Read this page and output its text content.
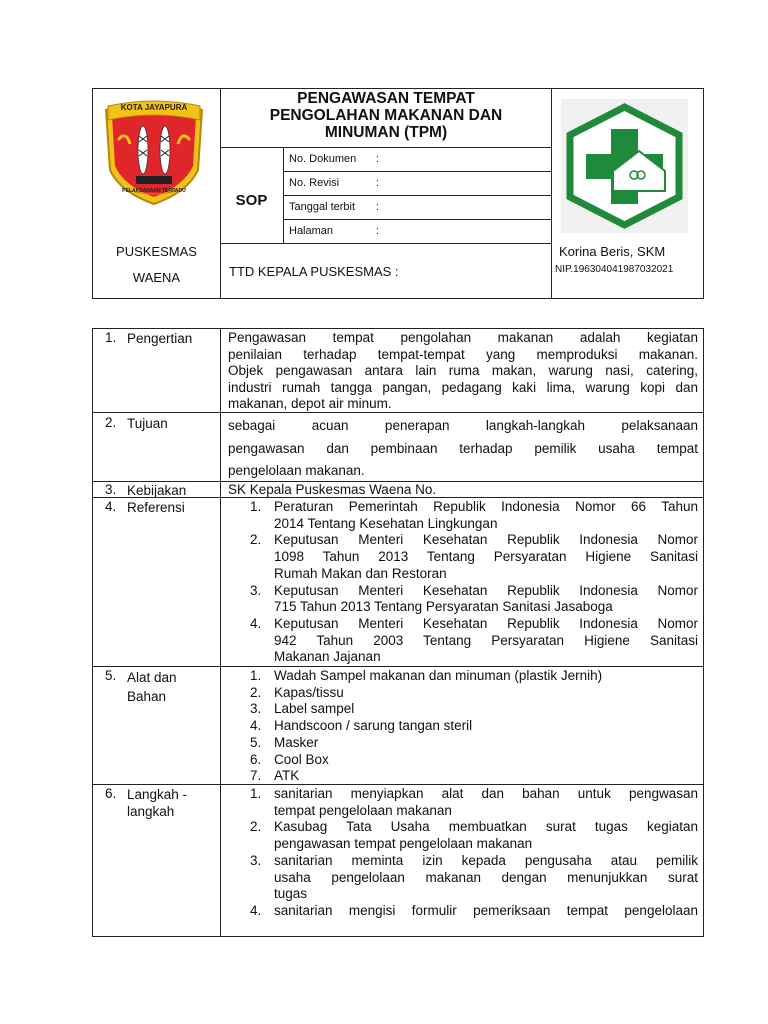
KOTA JAYAPURA
PELAKSANAAN TERPADU
PUSKESMAS
WAENA
PENGAWASAN TEMPAT
PENGOLAHAN MAKANAN DAN
MINUMAN (TPM)
SOP
No. Dokumen :
No. Revisi	:
Tanggal terbit :
Halaman	:
TTD KEPALA PUSKESMAS :
Korina Beris, SKM
NIP.196304041987032021
1. Pengertian	Pengawasan tempat pengolahan makanan adalah kegiatan
penilaian terhadap tempat-tempat yang memproduksi makanan.
Objek pengawasan antara lain ruma makan, warung nasi, catering,
industri rumah tangga pangan, pedagang kaki lima, warung kopi dan
makanan, depot air minum.
2. Tujuan	sebagai acuan penerapan langkah-langkah pelaksanaan
pengawasan dan pembinaan terhadap pemilik usaha tempat
pengelolaan makanan.
3. Kebijakan	SK Kepala Puskesmas Waena No.
4. Referensi	1. Peraturan Pemerintah Republik Indonesia Nomor 66 Tahun
2014 Tentang Kesehatan Lingkungan
2. Keputusan Menteri Kesehatan Republik Indonesia Nomor
1098 Tahun 2013 Tentang Persyaratan Higiene Sanitasi
Rumah Makan dan Restoran
3. Keputusan Menteri Kesehatan Republik Indonesia Nomor
715 Tahun 2013 Tentang Persyaratan Sanitasi Jasaboga
4. Keputusan Menteri Kesehatan Republik Indonesia Nomor
942 Tahun 2003 Tentang Persyaratan Higiene Sanitasi
Makanan Jajanan
5. Alat dan
Bahan
1. Wadah Sampel makanan dan minuman (plastik Jernih)
2. Kapas/tissu
3. Label sampel
4. Handscoon / sarung tangan steril
5. Masker
6. Cool Box
7. ATK
6. Langkah -
langkah
1. sanitarian menyiapkan alat dan bahan untuk pengwasan
tempat pengelolaan makanan
2. Kasubag Tata Usaha membuatkan surat tugas kegiatan
pengawasan tempat pengelolaan makanan
3. sanitarian meminta izin kepada pengusaha atau pemilik
usaha pengelolaan makanan dengan menunjukkan surat
tugas
4. sanitarian mengisi formulir pemeriksaan tempat pengelolaan
